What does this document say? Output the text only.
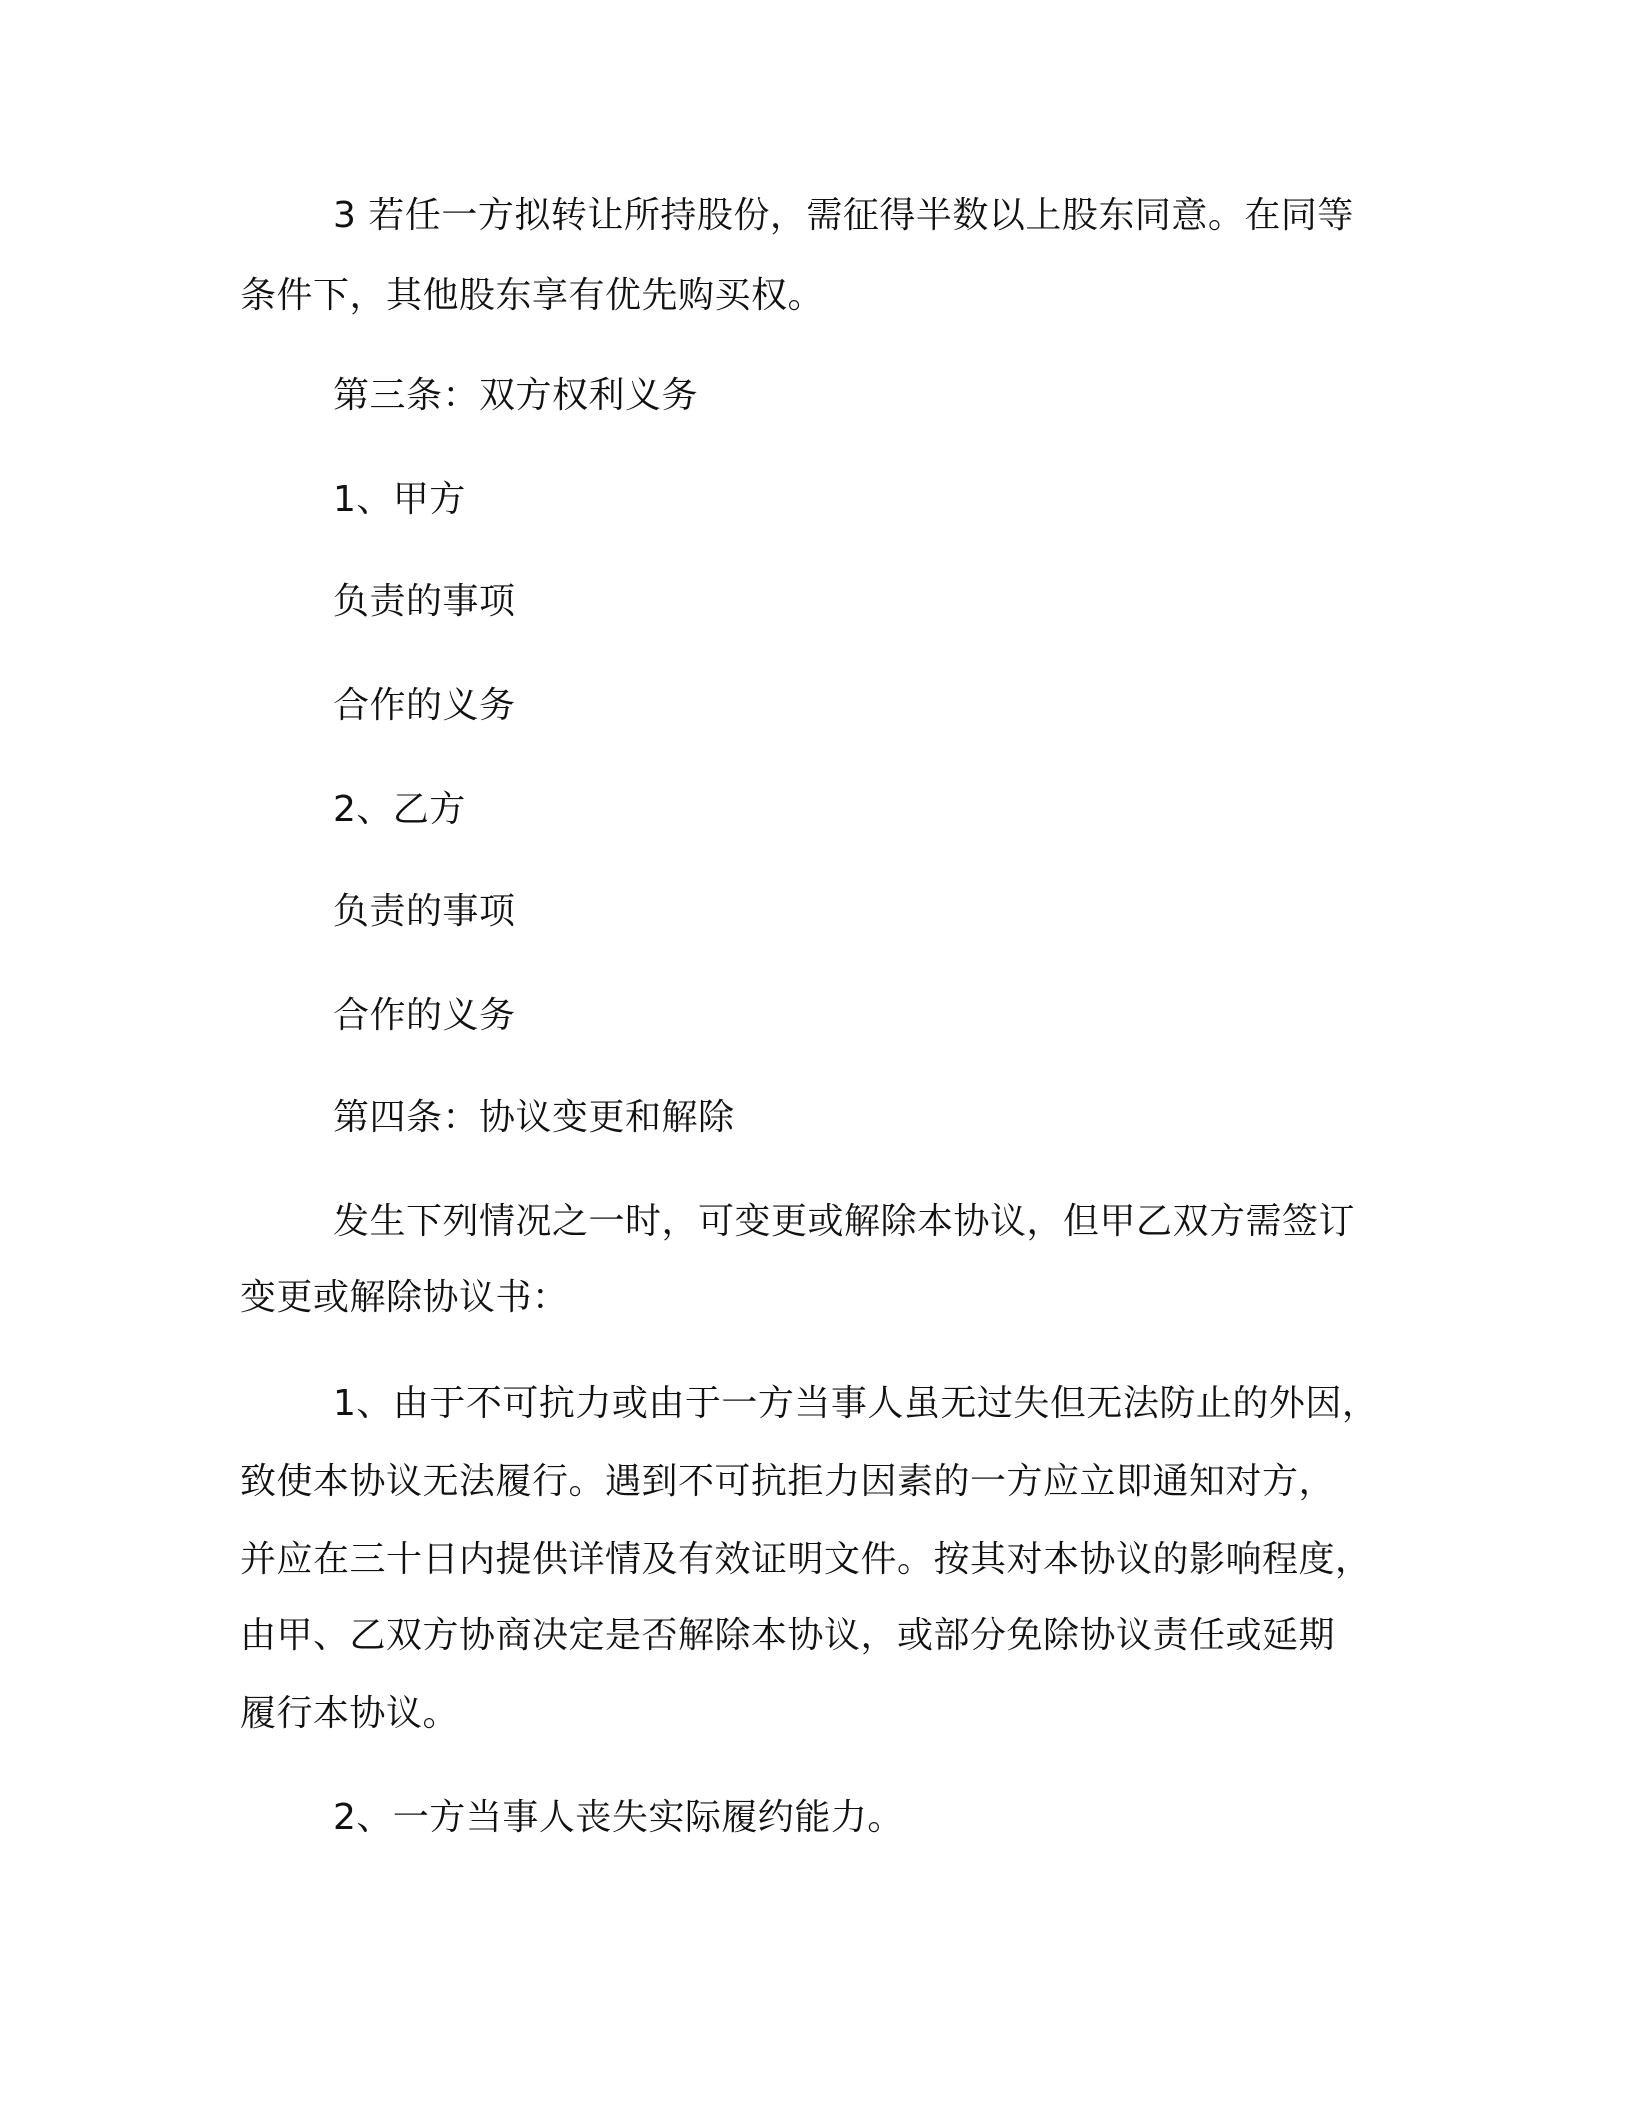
3 若任一方拟转让所持股份，需征得半数以上股东同意。在同等
条件下，其他股东享有优先购买权。
第三条：双方权利义务
1、甲方
负责的事项
合作的义务
2、乙方
负责的事项
合作的义务
第四条：协议变更和解除
发生下列情况之一时，可变更或解除本协议，但甲乙双方需签订
变更或解除协议书：
1、由于不可抗力或由于一方当事人虽无过失但无法防止的外因，
致使本协议无法履行。遇到不可抗拒力因素的一方应立即通知对方，
并应在三十日内提供详情及有效证明文件。按其对本协议的影响程度，
由甲、乙双方协商决定是否解除本协议，或部分免除协议责任或延期
履行本协议。
2、一方当事人丧失实际履约能力。
